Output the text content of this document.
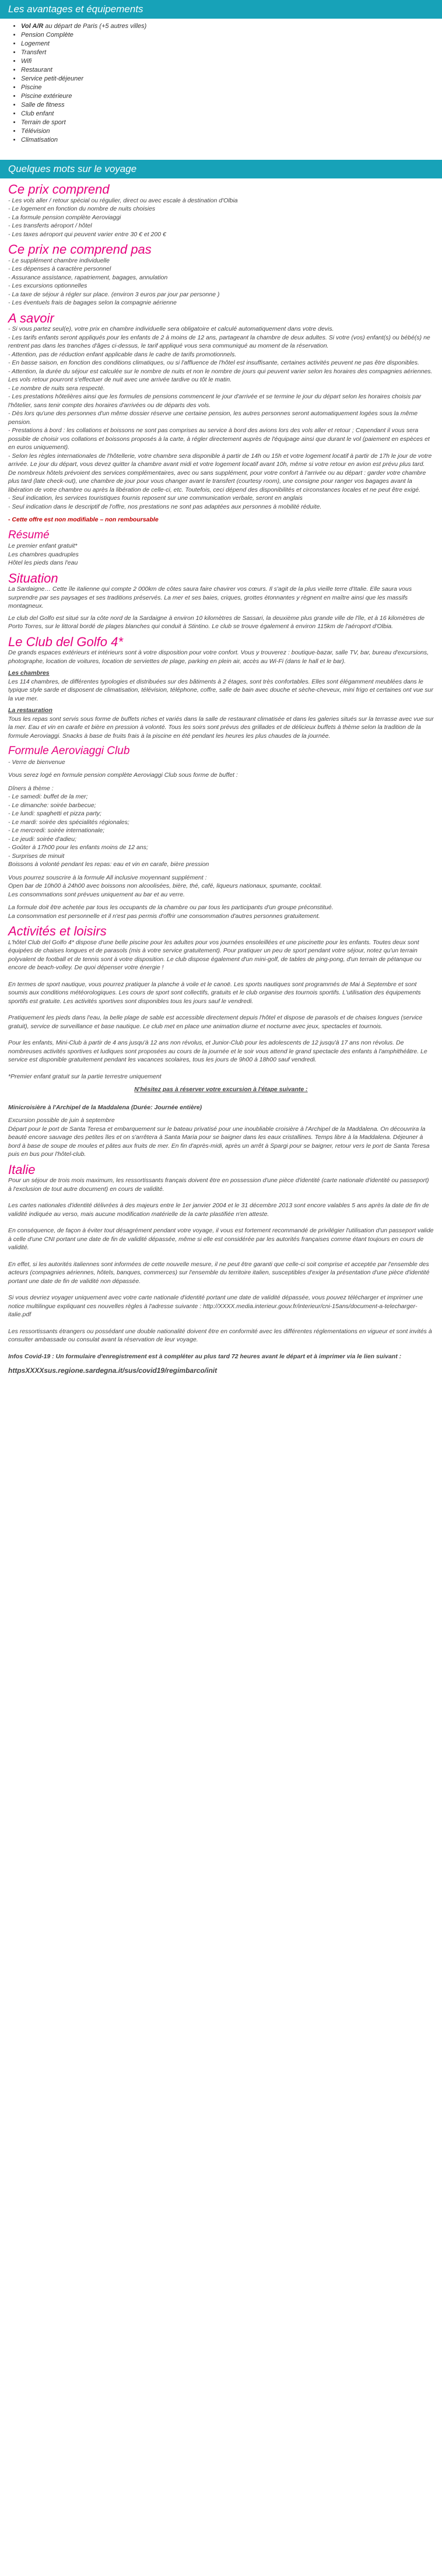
Les avantages et équipements
• Vol A/R au départ de Paris (+5 autres villes)
• Pension Complète
• Logement
• Transfert
• Wifi
• Restaurant
• Service petit-déjeuner
• Piscine
• Piscine extérieure
• Salle de fitness
• Club enfant
• Terrain de sport
• Télévision
• Climatisation
Quelques mots sur le voyage
Ce prix comprend
- Les vols aller / retour spécial ou régulier, direct ou avec escale à destination d'Olbia
- Le logement en fonction du nombre de nuits choisies
- La formule pension complète Aeroviaggi
- Les transferts aéroport / hôtel
- Les taxes aéroport qui peuvent varier entre 30 € et 200 €
Ce prix ne comprend pas
- Le supplément chambre individuelle
- Les dépenses à caractère personnel
- Assurance assistance, rapatriement, bagages, annulation
- Les excursions optionnelles
- La taxe de séjour à régler sur place. (environ 3 euros par jour par personne )
- Les éventuels frais de bagages selon la compagnie aérienne
A savoir
- Si vous partez seul(e), votre prix en chambre individuelle sera obligatoire et calculé automatiquement dans votre devis.
- Les tarifs enfants seront appliqués pour les enfants de 2 à moins de 12 ans, partageant la chambre de deux adultes. Si votre (vos) enfant(s) ou bébé(s) ne rentrent pas dans les tranches d'âges ci-dessus, le tarif appliqué vous sera communiqué au moment de la réservation.
- Attention, pas de réduction enfant applicable dans le cadre de tarifs promotionnels.
- En basse saison, en fonction des conditions climatiques, ou si l'affluence de l'hôtel est insuffisante, certaines activités peuvent ne pas être disponibles.
- Attention, la durée du séjour est calculée sur le nombre de nuits et non le nombre de jours qui peuvent varier selon les horaires des compagnies aériennes. Les vols retour pourront s'effectuer de nuit avec une arrivée tardive ou tôt le matin.
- Le nombre de nuits sera respecté.
- Les prestations hôtelières ainsi que les formules de pensions commencent le jour d'arrivée et se termine le jour du départ selon les horaires choisis par l'hôtelier, sans tenir compte des horaires d'arrivées ou de départs des vols.
- Dès lors qu'une des personnes d'un même dossier réserve une certaine pension, les autres personnes seront automatiquement logées sous la même pension.
- Prestations à bord : les collations et boissons ne sont pas comprises au service à bord des avions lors des vols aller et retour ; Cependant il vous sera possible de choisir vos collations et boissons proposés à la carte, à régler directement auprès de l'équipage ainsi que durant le vol (paiement en espèces et en euros uniquement).
- Selon les règles internationales de l'hôtellerie, votre chambre sera disponible à partir de 14h ou 15h et votre logement locatif à partir de 17h le jour de votre arrivée. Le jour du départ, vous devez quitter la chambre avant midi et votre logement locatif avant 10h, même si votre retour en avion est prévu plus tard. De nombreux hôtels prévoient des services complémentaires, avec ou sans supplément, pour votre confort à l'arrivée ou au départ : garder votre chambre plus tard (late check-out), une chambre de jour pour vous changer avant le transfert (courtesy room), une consigne pour ranger vos bagages avant la libération de votre chambre ou après la libération de celle-ci, etc. Toutefois, ceci dépend des disponibilités et circonstances locales et ne peut être exigé.
- Seul indication, les services touristiques fournis reposent sur une communication verbale, seront en anglais
- Seul indication dans le descriptif de l'offre, nos prestations ne sont pas adaptées aux personnes à mobilité réduite.
- Cette offre est non modifiable – non remboursable
Résumé
Le premier enfant gratuit*
Les chambres quadruples
Hôtel les pieds dans l'eau
Situation

La Sardaigne… Cette île italienne qui compte 2 000km de côtes saura faire chavirer vos cœurs. Il s'agit de la plus vieille terre d'Italie. Elle saura vous surprendre par ses paysages et ses traditions préservés. La mer et ses baies, criques, grottes étonnantes y règnent en maître ainsi que les massifs montagneux.

Le club del Golfo est situé sur la côte nord de la Sardaigne à environ 10 kilomètres de Sassari, la deuxième plus grande ville de l'île, et à 16 kilomètres de Porto Torres, sur le littoral bordé de plages blanches qui conduit à Stintino. Le club se trouve également à environ 115km de l'aéroport d'Olbia.

Le Club del Golfo 4*

De grands espaces extérieurs et intérieurs sont à votre disposition pour votre confort. Vous y trouverez : boutique-bazar, salle TV, bar, bureau d'excursions, photographe, location de voitures, location de serviettes de plage, parking en plein air, accès au Wi-Fi (dans le hall et le bar).

Les chambres

Les 114 chambres, de différentes typologies et distribuées sur des bâtiments à 2 étages, sont très confortables. Elles sont élégamment meublées dans le typique style sarde et disposent de climatisation, télévision, téléphone, coffre, salle de bain avec douche et sèche-cheveux, mini frigo et certaines ont vue sur la vue mer.

La restauration

Tous les repas sont servis sous forme de buffets riches et variés dans la salle de restaurant climatisée et dans les galeries situés sur la terrasse avec vue sur la mer. Eau et vin en carafe et bière en pression à volonté. Tous les soirs sont prévus des grillades et de délicieux buffets à thème selon la tradition de la formule Aeroviaggi. Snacks à base de fruits frais à la piscine en été pendant les heures les plus chaudes de la journée.

Formule Aeroviaggi Club
- Verre de bienvenue
Vous serez logé en formule pension complète Aeroviaggi Club sous forme de buffet :
Dîners à thème :
- Le samedi: buffet de la mer;
- Le dimanche: soirée barbecue;
- Le lundi: spaghetti et pizza party;
- Le mardi: soirée des spécialités régionales;
- Le mercredi: soirée internationale;
- Le jeudi: soirée d'adieu;
- Goûter à 17h00 pour les enfants moins de 12 ans;
- Surprises de minuit
Boissons à volonté pendant les repas: eau et vin en carafe, bière pression
Vous pourrez souscrire à la formule All inclusive moyennant supplément :
Open bar de 10h00 à 24h00 avec boissons non alcoolisées, bière, thé, café, liqueurs nationaux, spumante, cocktail.
Les consommations sont prévues uniquement au bar et au verre.
La formule doit être achetée par tous les occupants de la chambre ou par tous les participants d'un groupe préconstitué.
La consommation est personnelle et il n'est pas permis d'offrir une consommation d'autres personnes gratuitement.
Activités et loisirs

L'hôtel Club del Golfo 4* dispose d'une belle piscine pour les adultes pour vos journées ensoleillées et une piscinette pour les enfants. Toutes deux sont équipées de chaises longues et de parasols (mis à votre service gratuitement). Pour pratiquer un peu de sport pendant votre séjour, notez qu'un terrain polyvalent de football et de tennis sont à votre disposition. Le club dispose également d'un mini-golf, de tables de ping-pong, d'un terrain de pétanque ou encore de beach-volley. De quoi dépenser votre énergie !

En termes de sport nautique, vous pourrez pratiquer la planche à voile et le canoë. Les sports nautiques sont programmés de Mai à Septembre et sont soumis aux conditions météorologiques. Les cours de sport sont collectifs, gratuits et le club organise des tournois sportifs. L'utilisation des équipements sportifs est gratuite. Les activités sportives sont disponibles tous les jours sauf le vendredi.

Pratiquement les pieds dans l'eau, la belle plage de sable est accessible directement depuis l'hôtel et dispose de parasols et de chaises longues (service gratuit), service de surveillance et base nautique. Le club met en place une animation diurne et nocturne avec jeux, spectacles et tournois.

Pour les enfants, Mini-Club à partir de 4 ans jusqu'à 12 ans non révolus, et Junior-Club pour les adolescents de 12 jusqu'à 17 ans non révolus. De nombreuses activités sportives et ludiques sont proposées au cours de la journée et le soir vous attend le grand spectacle des enfants à l'amphithéâtre. Le service est disponible gratuitement pendant les vacances scolaires, tous les jours de 9h00 à 18h00 sauf vendredi.

*Premier enfant gratuit sur la partie terrestre uniquement

N'hésitez pas à réserver votre excursion à l'étape suivante :
Minicroisière à l'Archipel de la Maddalena (Durée: Journée entière)

Excursion possible de juin à septembre
Départ pour le port de Santa Teresa et embarquement sur le bateau privatisé pour une inoubliable croisière à l'Archipel de la Maddalena. On découvrira la beauté encore sauvage des petites îles et on s'arrêtera à Santa Maria pour se baigner dans les eaux cristallines. Temps libre à la Maddalena. Déjeuner à bord à base de soupe de moules et pâtes aux fruits de mer. En fin d'après-midi, après un arrêt à Spargi pour se baigner, retour vers le port de Santa Teresa puis en bus pour l'hôtel-club.

Italie

Pour un séjour de trois mois maximum, les ressortissants français doivent être en possession d'une pièce d'identité (carte nationale d'identité ou passeport) à l'exclusion de tout autre document) en cours de validité.

Les cartes nationales d'identité délivrées à des majeurs entre le 1er janvier 2004 et le 31 décembre 2013 sont encore valables 5 ans après la date de fin de validité indiquée au verso, mais aucune modification matérielle de la carte plastifiée n'en atteste.

En conséquence, de façon à éviter tout désagrément pendant votre voyage, il vous est fortement recommandé de privilégier l'utilisation d'un passeport valide à celle d'une CNI portant une date de fin de validité dépassée, même si elle est considérée par les autorités françaises comme étant toujours en cours de validité.

En effet, si les autorités italiennes sont informées de cette nouvelle mesure, il ne peut être garanti que celle-ci soit comprise et acceptée par l'ensemble des acteurs (compagnies aériennes, hôtels, banques, commerces) sur l'ensemble du territoire italien, susceptibles d'exiger la présentation d'une pièce d'identité portant une date de fin de validité non dépassée.

Si vous devriez voyager uniquement avec votre carte nationale d'identité portant une date de validité dépassée, vous pouvez télécharger et imprimer une notice multilingue expliquant ces nouvelles règles à l'adresse suivante : http://XXXX.media.interieur.gouv.fr/interieur/cni-15ans/document-a-telecharger-italie.pdf

Les ressortissants étrangers ou possédant une double nationalité doivent être en conformité avec les différentes réglementations en vigueur et sont invités à consulter ambassade ou consulat avant la réservation de leur voyage.

Infos Covid-19 : Un formulaire d'enregistrement est à compléter au plus tard 72 heures avant le départ et à imprimer via le lien suivant :

httpsXXXXsus.regione.sardegna.it/sus/covid19/regimbarco/init
